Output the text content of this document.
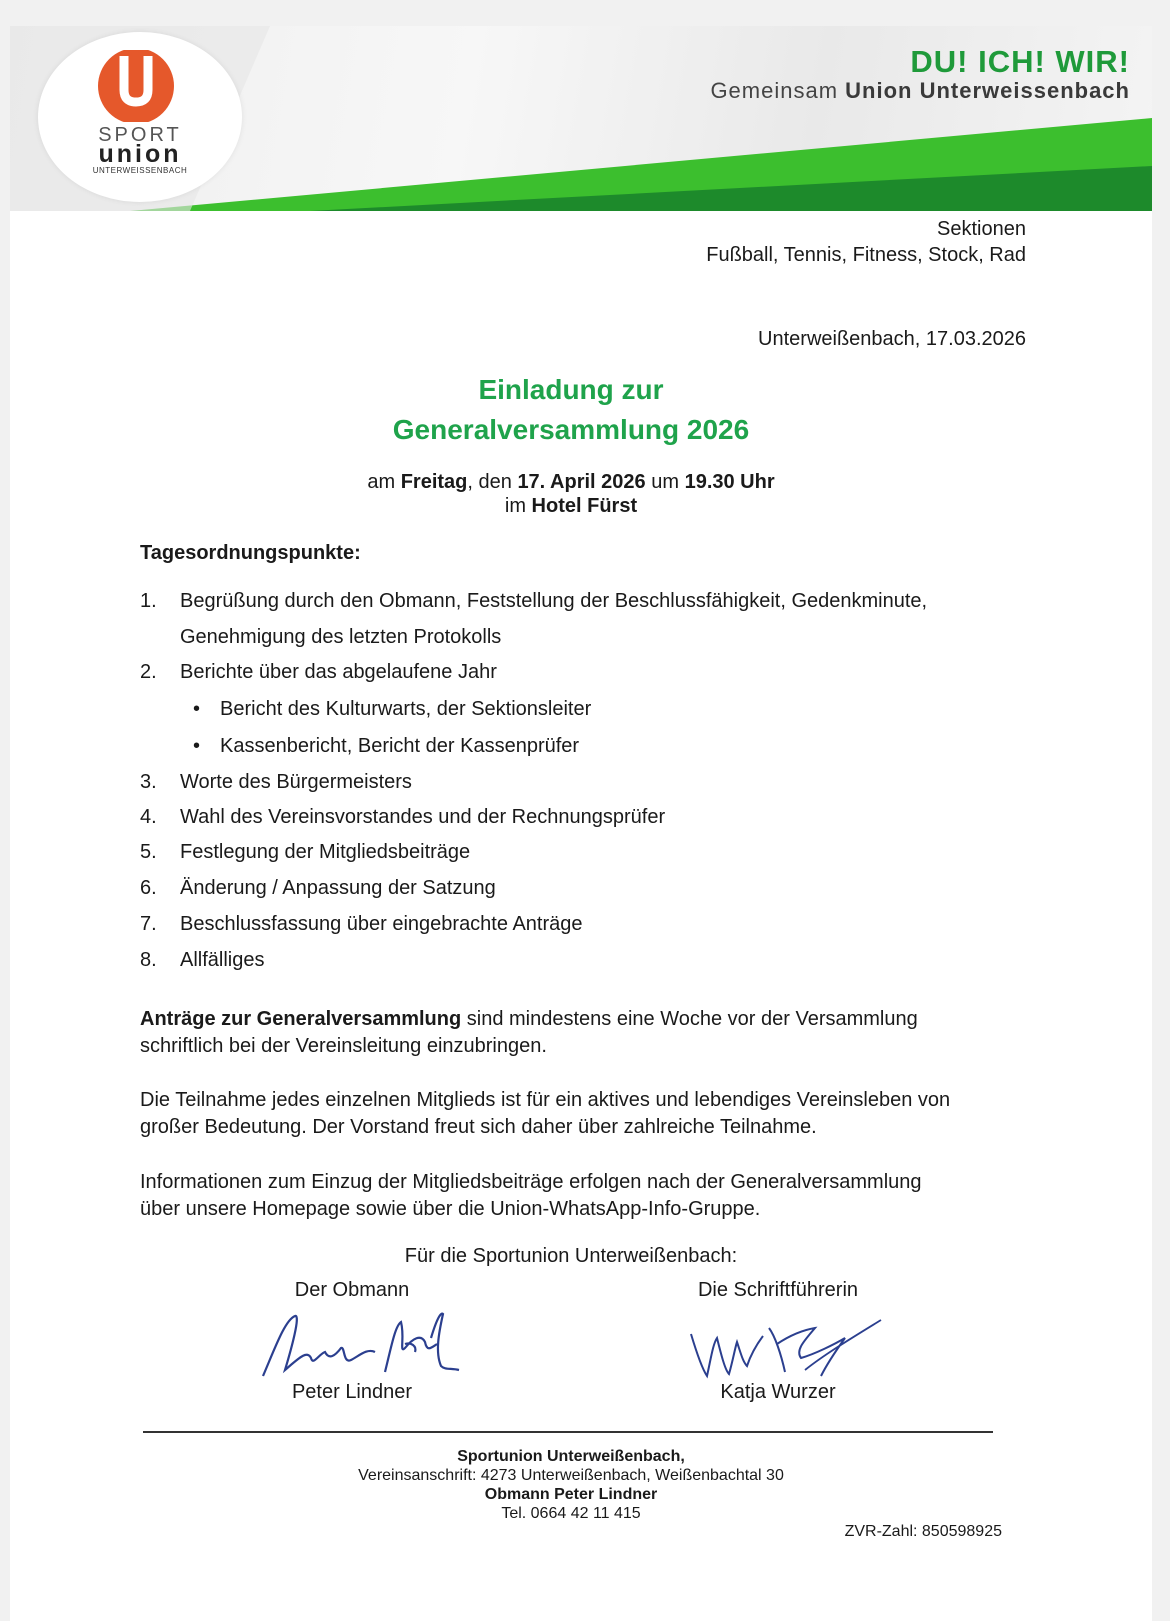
SPORT
union
UNTERWEISSENBACH
DU! ICH! WIR!
Gemeinsam Union Unterweissenbach
Sektionen
Fußball, Tennis, Fitness, Stock, Rad
Unterweißenbach, 17.03.2026
Einladung zur
Generalversammlung 2026
am Freitag, den 17. April 2026 um 19.30 Uhr
im Hotel Fürst
Tagesordnungspunkte:
1. Begrüßung durch den Obmann, Feststellung der Beschlussfähigkeit, Gedenkminute,
Genehmigung des letzten Protokolls
2. Berichte über das abgelaufene Jahr
• Bericht des Kulturwarts, der Sektionsleiter
• Kassenbericht, Bericht der Kassenprüfer
3. Worte des Bürgermeisters
4. Wahl des Vereinsvorstandes und der Rechnungsprüfer
5. Festlegung der Mitgliedsbeiträge
6. Änderung / Anpassung der Satzung
7. Beschlussfassung über eingebrachte Anträge
8. Allfälliges
Anträge zur Generalversammlung sind mindestens eine Woche vor der Versammlung
schriftlich bei der Vereinsleitung einzubringen.
Die Teilnahme jedes einzelnen Mitglieds ist für ein aktives und lebendiges Vereinsleben von
großer Bedeutung. Der Vorstand freut sich daher über zahlreiche Teilnahme.
Informationen zum Einzug der Mitgliedsbeiträge erfolgen nach der Generalversammlung
über unsere Homepage sowie über die Union-WhatsApp-Info-Gruppe.
Für die Sportunion Unterweißenbach:
Der Obmann	Die Schriftführerin
Peter Lindner	Katja Wurzer
Sportunion Unterweißenbach,
Vereinsanschrift: 4273 Unterweißenbach, Weißenbachtal 30
Obmann Peter Lindner
Tel. 0664 42 11 415
ZVR-Zahl: 850598925
